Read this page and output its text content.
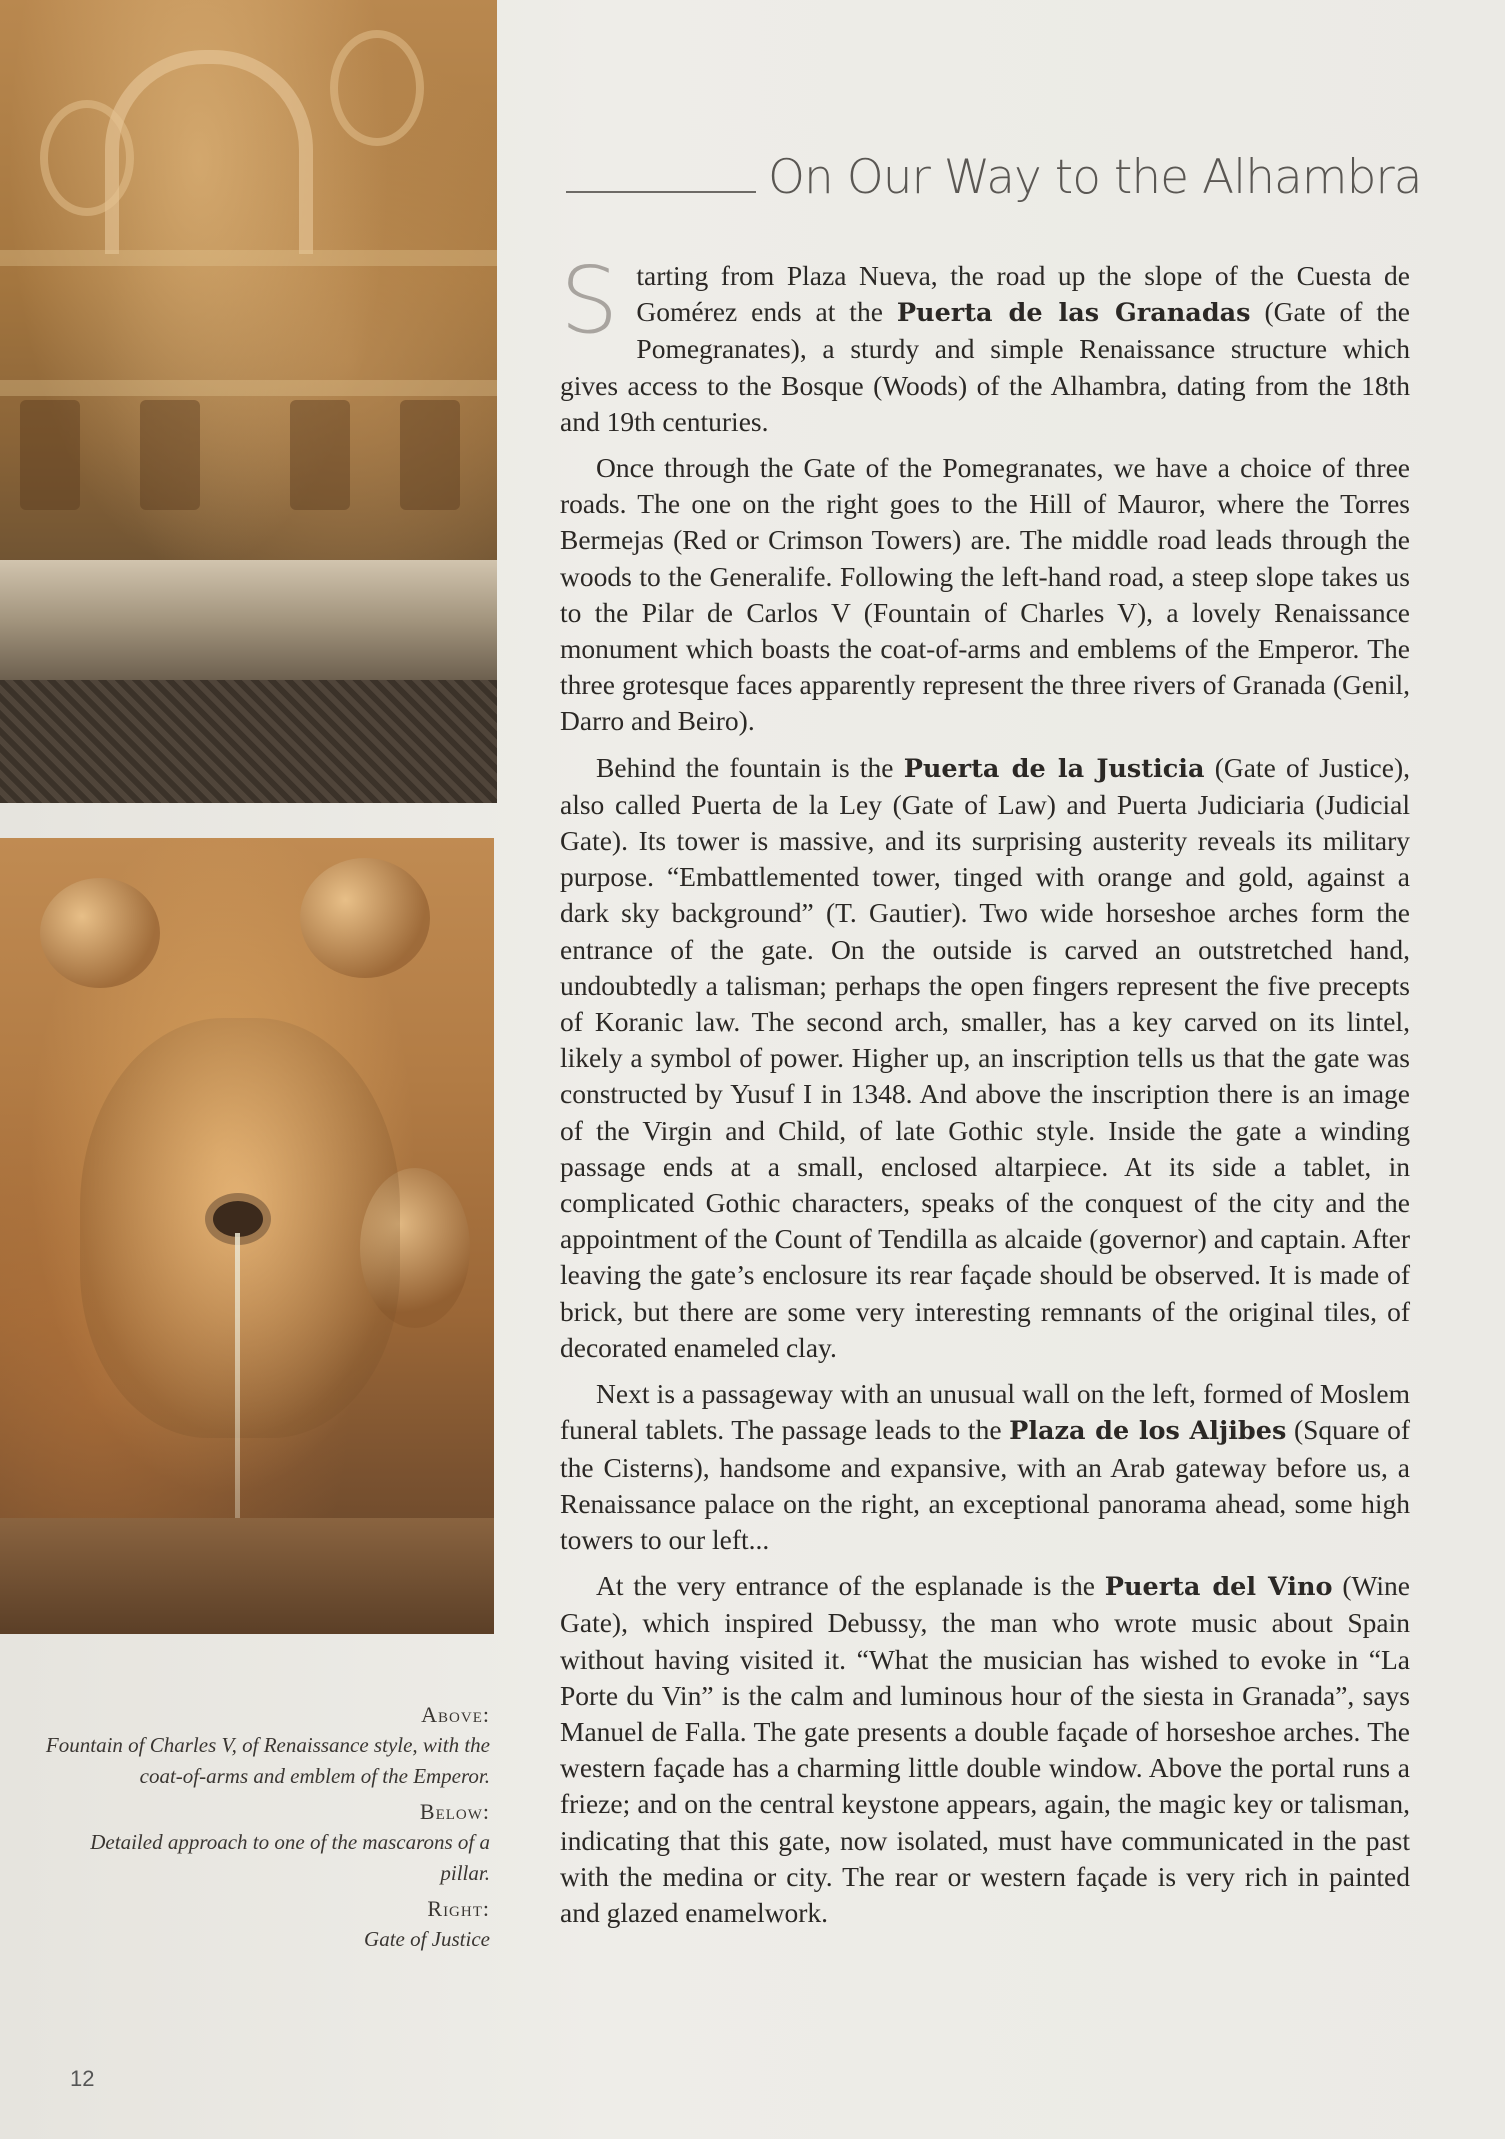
Above:
Fountain of Charles V, of Renaissance style, with the coat-of-arms and emblem of the Emperor.
Below:
Detailed approach to one of the mascarons of a pillar.
Right:
Gate of Justice
12
On Our Way to the Alhambra

Starting from Plaza Nueva, the road up the slope of the Cuesta de Gomérez ends at the Puerta de las Granadas (Gate of the Pomegranates), a sturdy and simple Renaissance structure which gives access to the Bosque (Woods) of the Alhambra, dating from the 18th and 19th centuries.

Once through the Gate of the Pomegranates, we have a choice of three roads. The one on the right goes to the Hill of Mauror, where the Torres Bermejas (Red or Crimson Towers) are. The middle road leads through the woods to the Generalife. Following the left-hand road, a steep slope takes us to the Pilar de Carlos V (Fountain of Charles V), a lovely Renaissance monument which boasts the coat-of-arms and emblems of the Emperor. The three grotesque faces apparently represent the three rivers of Granada (Genil, Darro and Beiro).

Behind the fountain is the Puerta de la Justicia (Gate of Justice), also called Puerta de la Ley (Gate of Law) and Puerta Judiciaria (Judicial Gate). Its tower is massive, and its surprising austerity reveals its military purpose. “Embattlemented tower, tinged with orange and gold, against a dark sky background” (T. Gautier). Two wide horseshoe arches form the entrance of the gate. On the outside is carved an outstretched hand, undoubtedly a talisman; perhaps the open fingers represent the five precepts of Koranic law. The second arch, smaller, has a key carved on its lintel, likely a symbol of power. Higher up, an inscription tells us that the gate was constructed by Yusuf I in 1348. And above the inscription there is an image of the Virgin and Child, of late Gothic style. Inside the gate a winding passage ends at a small, enclosed altarpiece. At its side a tablet, in complicated Gothic characters, speaks of the conquest of the city and the appointment of the Count of Tendilla as alcaide (governor) and captain. After leaving the gate’s enclosure its rear façade should be observed. It is made of brick, but there are some very interesting remnants of the original tiles, of decorated enameled clay.

Next is a passageway with an unusual wall on the left, formed of Moslem funeral tablets. The passage leads to the Plaza de los Aljibes (Square of the Cisterns), handsome and expansive, with an Arab gateway before us, a Renaissance palace on the right, an exceptional panorama ahead, some high towers to our left...

At the very entrance of the esplanade is the Puerta del Vino (Wine Gate), which inspired Debussy, the man who wrote music about Spain without having visited it. “What the musician has wished to evoke in “La Porte du Vin” is the calm and luminous hour of the siesta in Granada”, says Manuel de Falla. The gate presents a double façade of horseshoe arches. The western façade has a charming little double window. Above the portal runs a frieze; and on the central keystone appears, again, the magic key or talisman, indicating that this gate, now isolated, must have communicated in the past with the medina or city. The rear or western façade is very rich in painted and glazed enamelwork.
